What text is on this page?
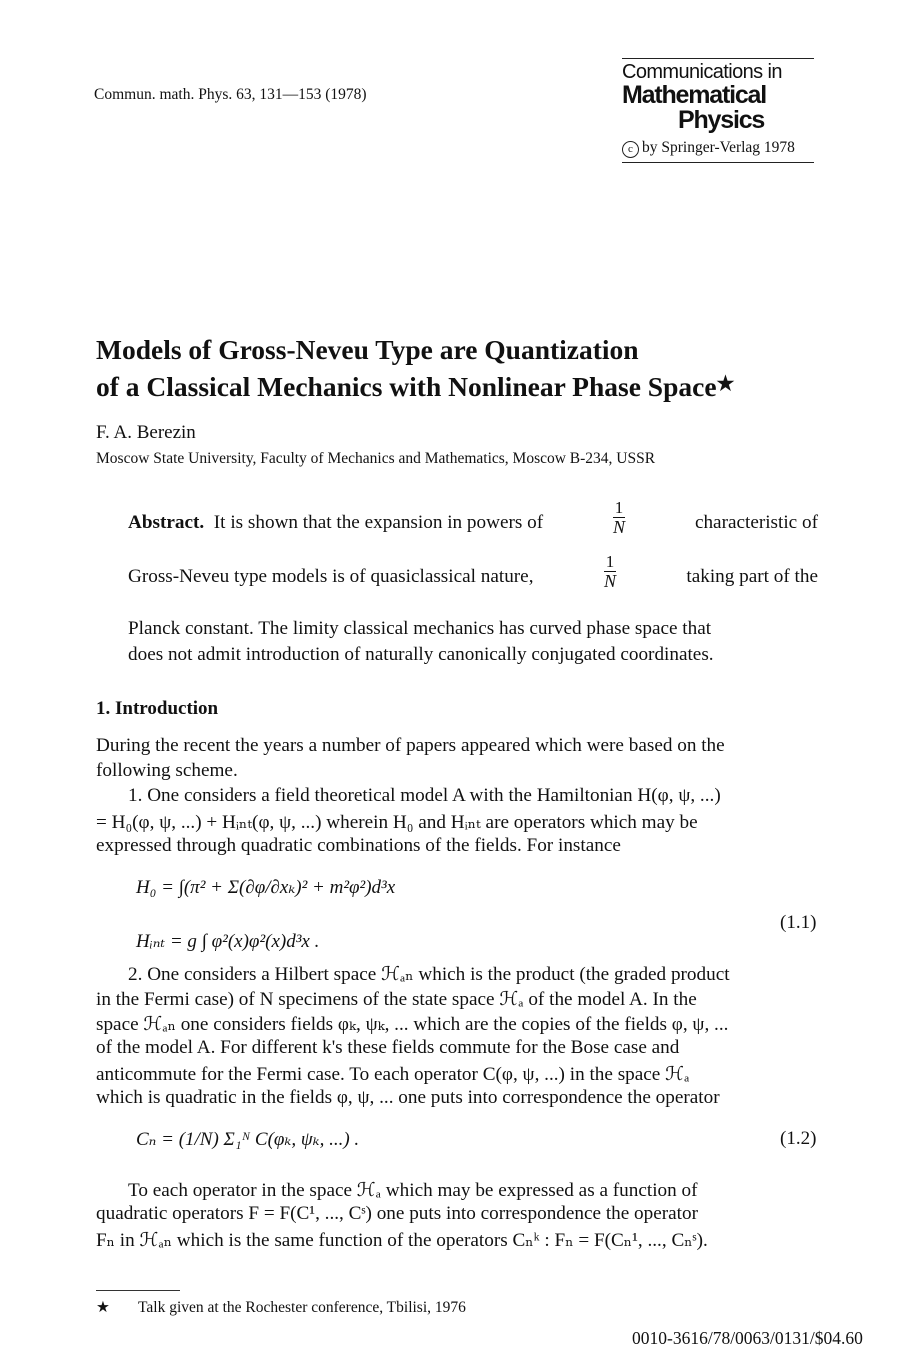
Commun. math. Phys. 63, 131—153 (1978)
Communications in
Mathematical
Physics
c by Springer-Verlag 1978
Models of Gross-Neveu Type are Quantization
of a Classical Mechanics with Nonlinear Phase Space★
F. A. Berezin
Moscow State University, Faculty of Mechanics and Mathematics, Moscow B-234, USSR
Abstract. It is shown that the expansion in powers of	$\frac{1}{N}$	characteristic of
Gross-Neveu type models is of quasiclassical nature,	$\frac{1}{N}$	taking part of the
Planck constant. The limity classical mechanics has curved phase space that
does not admit introduction of naturally canonically conjugated coordinates.
1. Introduction
During the recent the years a number of papers appeared which were based on the
following scheme.
1. One considers a field theoretical model A with the Hamiltonian H(φ, ψ, ...)
= H₀(φ, ψ, ...) + Hᵢₙₜ(φ, ψ, ...) wherein H₀ and Hᵢₙₜ are operators which may be
expressed through quadratic combinations of the fields. For instance
H₀ = ∫(π² + Σ(∂φ/∂xₖ)² + m²φ²)d³x
Hᵢₙₜ = g ∫ φ²(x)φ²(x)d³x .
(1.1)
2. One considers a Hilbert space ℋₐₙ which is the product (the graded product
in the Fermi case) of N specimens of the state space ℋₐ of the model A. In the
space ℋₐₙ one considers fields φₖ, ψₖ, ... which are the copies of the fields φ, ψ, ...
of the model A. For different k's these fields commute for the Bose case and
anticommute for the Fermi case. To each operator C(φ, ψ, ...) in the space ℋₐ
which is quadratic in the fields φ, ψ, ... one puts into correspondence the operator
Cₙ = (1/N) Σ₁ᴺ C(φₖ, ψₖ, ...) .	(1.2)
To each operator in the space ℋₐ which may be expressed as a function of
quadratic operators F = F(C¹, ..., Cˢ) one puts into correspondence the operator
Fₙ in ℋₐₙ which is the same function of the operators Cₙᵏ : Fₙ = F(Cₙ¹, ..., Cₙˢ).
★ Talk given at the Rochester conference, Tbilisi, 1976
0010-3616/78/0063/0131/$04.60
